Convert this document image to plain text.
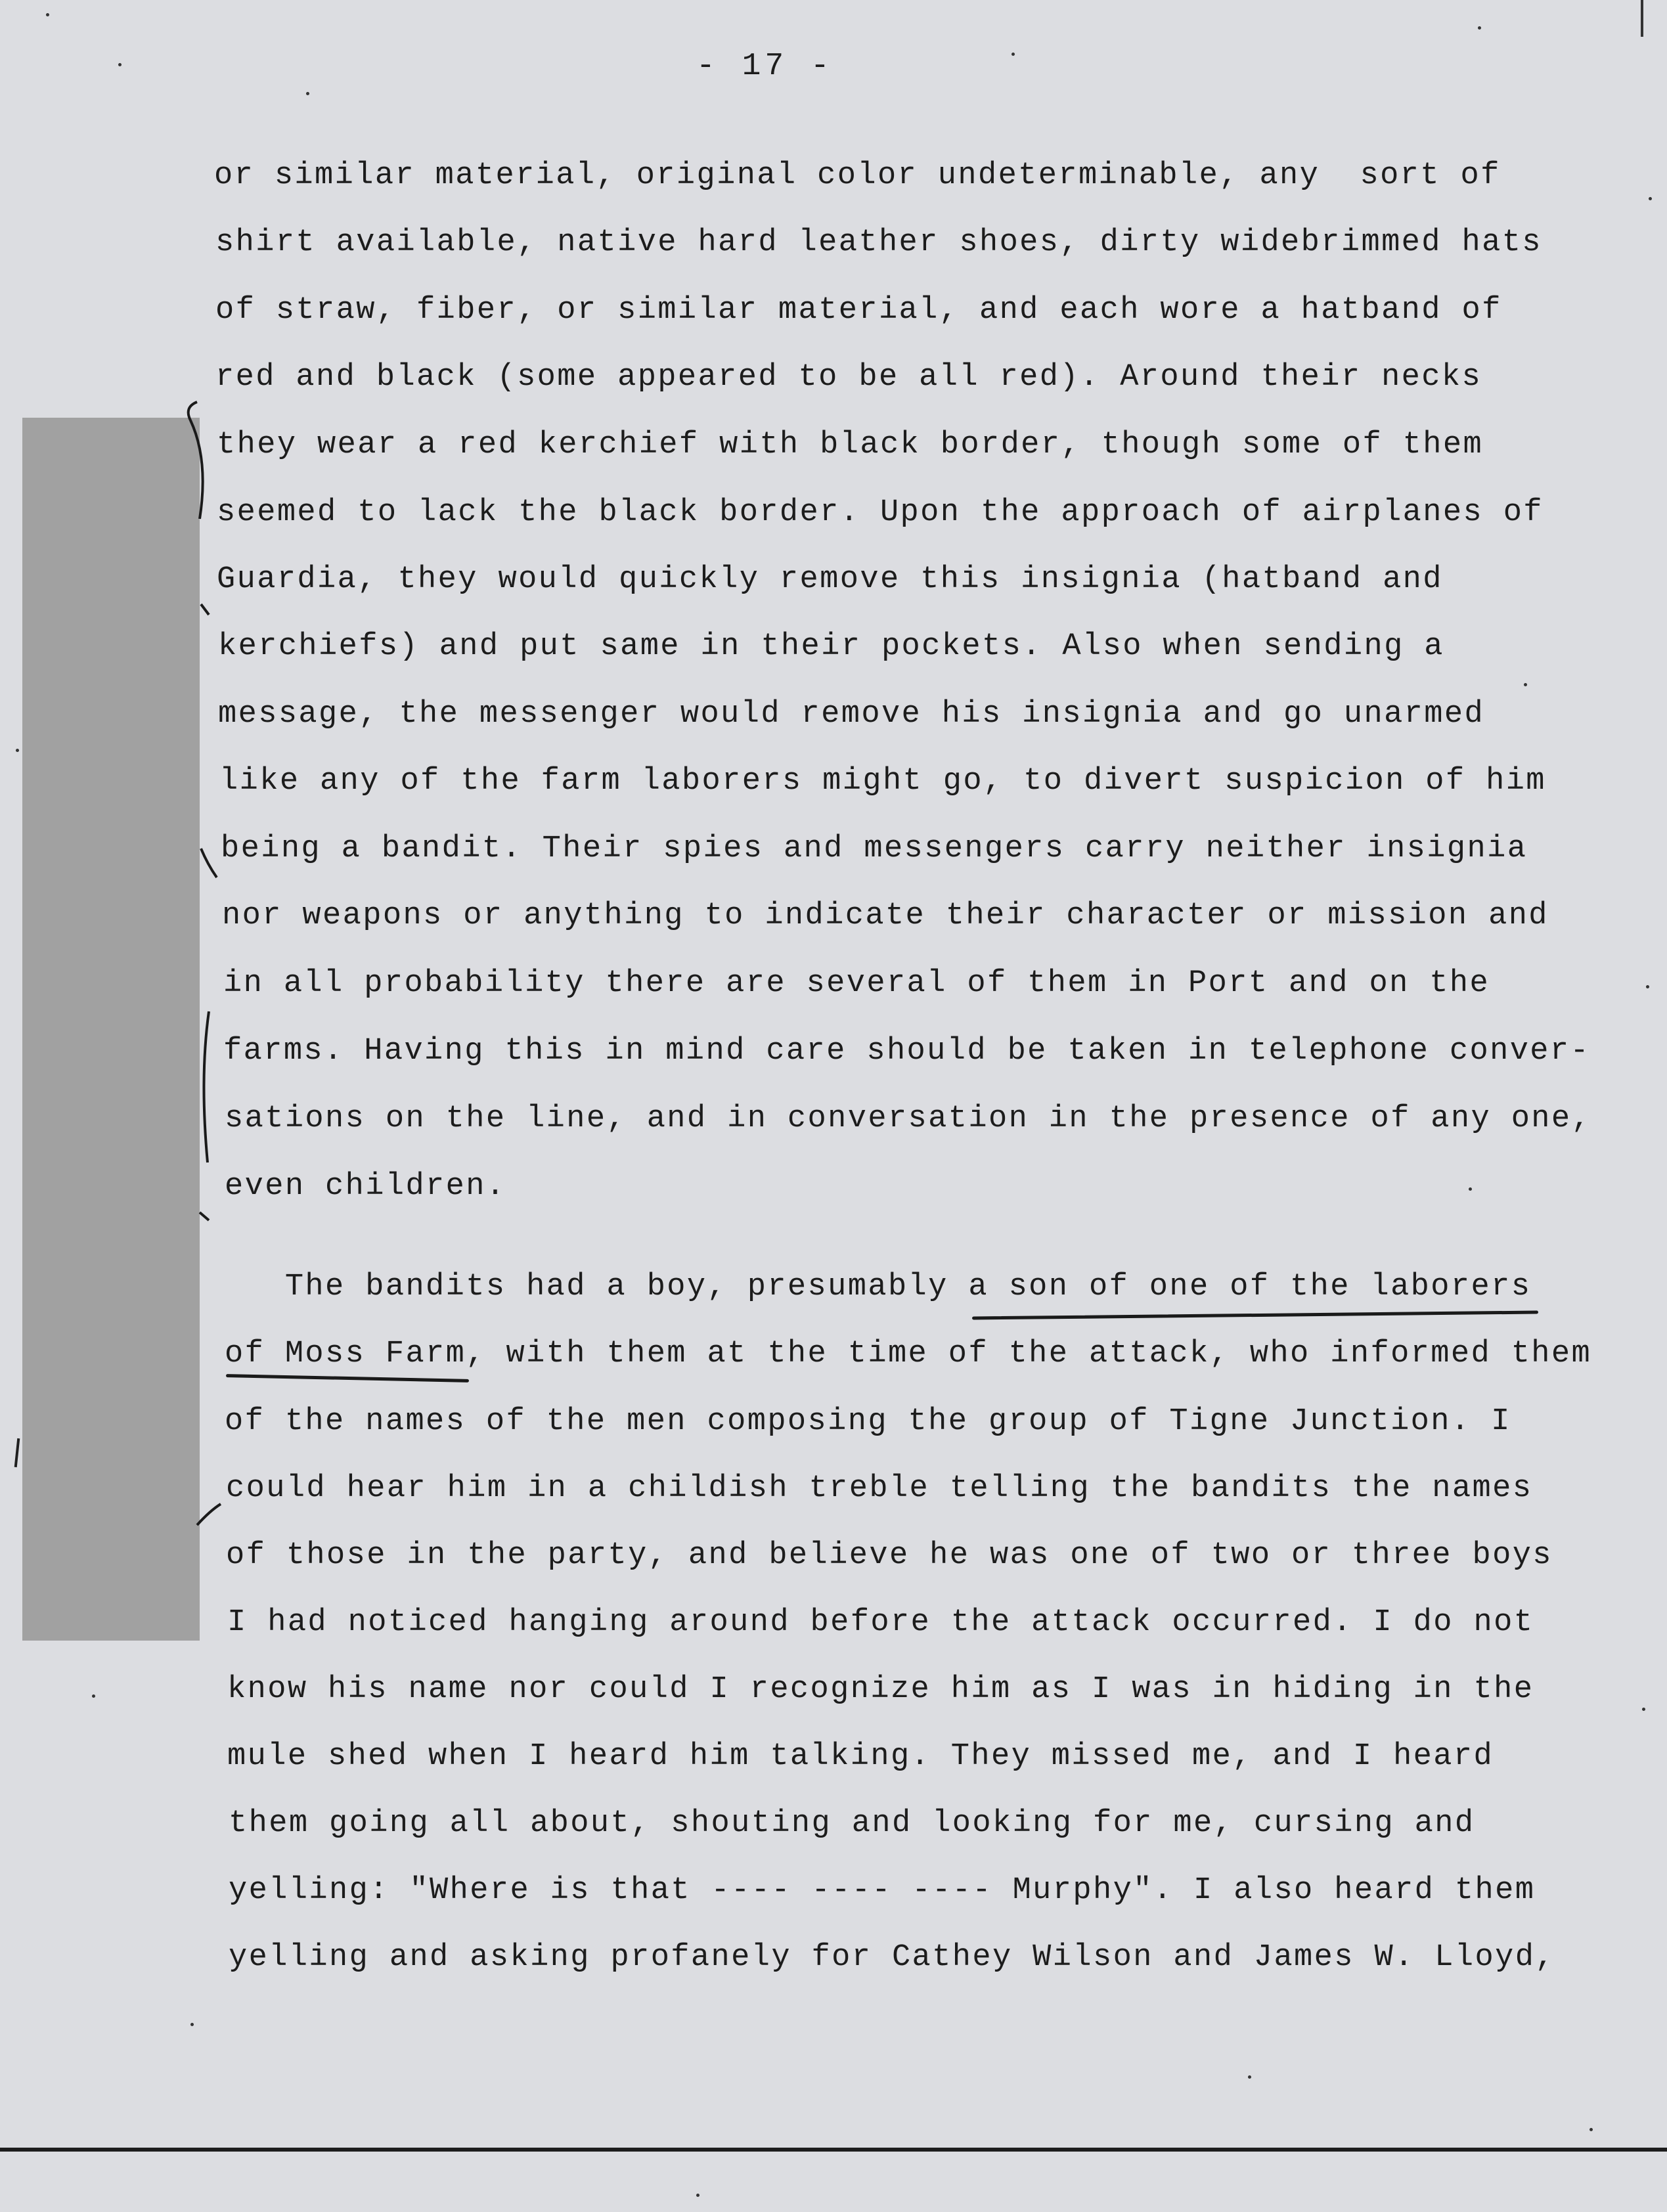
- 17 -
or similar material, original color undeterminable, any  sort of
shirt available, native hard leather shoes, dirty widebrimmed hats
of straw, fiber, or similar material, and each wore a hatband of
red and black (some appeared to be all red). Around their necks
they wear a red kerchief with black border, though some of them
seemed to lack the black border. Upon the approach of airplanes of
Guardia, they would quickly remove this insignia (hatband and
kerchiefs) and put same in their pockets. Also when sending a
message, the messenger would remove his insignia and go unarmed
like any of the farm laborers might go, to divert suspicion of him
being a bandit. Their spies and messengers carry neither insignia
nor weapons or anything to indicate their character or mission and
in all probability there are several of them in Port and on the
farms. Having this in mind care should be taken in telephone conver-
sations on the line, and in conversation in the presence of any one,
even children.
The bandits had a boy, presumably a son of one of the laborers
of Moss Farm, with them at the time of the attack, who informed them
of the names of the men composing the group of Tigne Junction. I
could hear him in a childish treble telling the bandits the names
of those in the party, and believe he was one of two or three boys
I had noticed hanging around before the attack occurred. I do not
know his name nor could I recognize him as I was in hiding in the
mule shed when I heard him talking. They missed me, and I heard
them going all about, shouting and looking for me, cursing and
yelling: "Where is that ---- ---- ---- Murphy". I also heard them
yelling and asking profanely for Cathey Wilson and James W. Lloyd,
